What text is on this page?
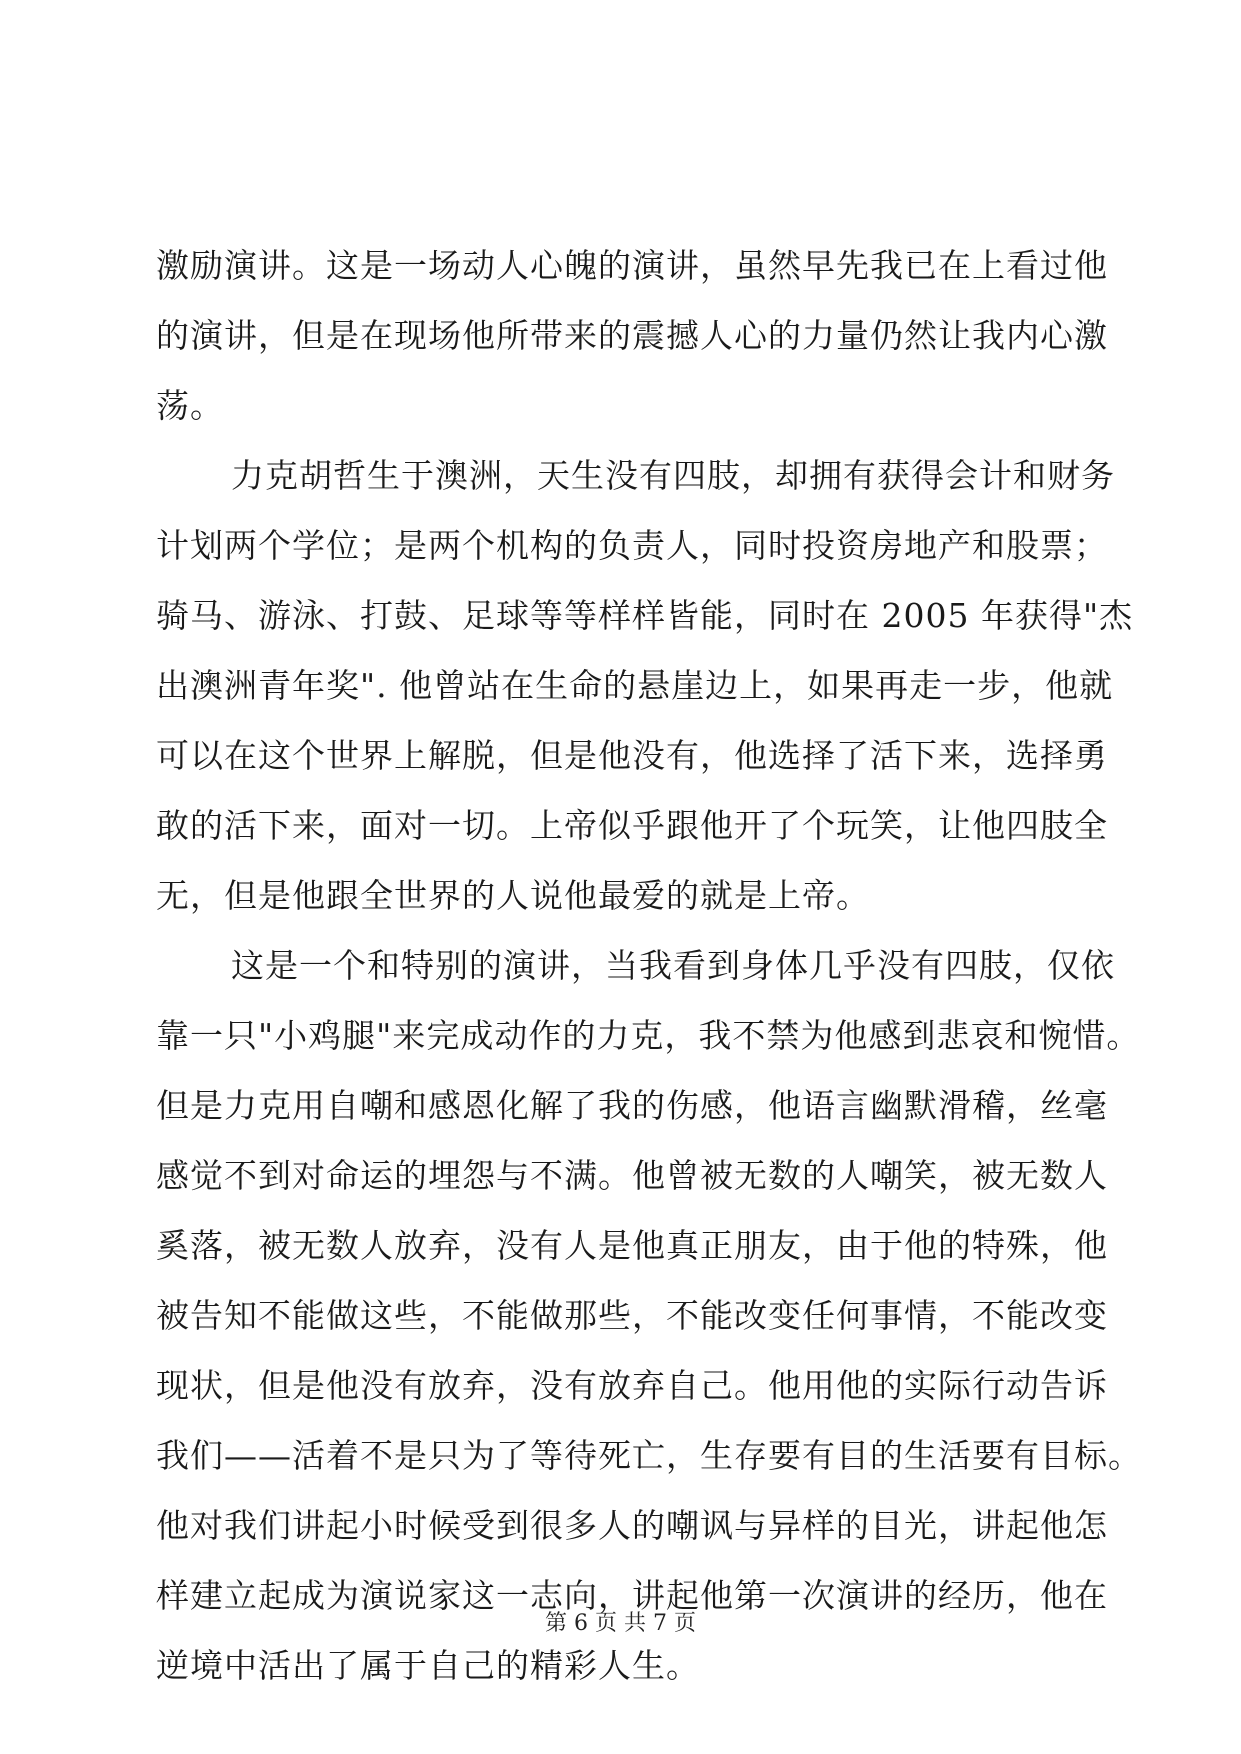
激励演讲。这是一场动人心魄的演讲，虽然早先我已在上看过他
的演讲，但是在现场他所带来的震撼人心的力量仍然让我内心激
荡。
力克胡哲生于澳洲，天生没有四肢，却拥有获得会计和财务
计划两个学位；是两个机构的负责人，同时投资房地产和股票；
骑马、游泳、打鼓、足球等等样样皆能，同时在 2005 年获得"杰
出澳洲青年奖". 他曾站在生命的悬崖边上，如果再走一步，他就
可以在这个世界上解脱，但是他没有，他选择了活下来，选择勇
敢的活下来，面对一切。上帝似乎跟他开了个玩笑，让他四肢全
无，但是他跟全世界的人说他最爱的就是上帝。
这是一个和特别的演讲，当我看到身体几乎没有四肢，仅依
靠一只"小鸡腿"来完成动作的力克，我不禁为他感到悲哀和惋惜。
但是力克用自嘲和感恩化解了我的伤感，他语言幽默滑稽，丝毫
感觉不到对命运的埋怨与不满。他曾被无数的人嘲笑，被无数人
奚落，被无数人放弃，没有人是他真正朋友，由于他的特殊，他
被告知不能做这些，不能做那些，不能改变任何事情，不能改变
现状，但是他没有放弃，没有放弃自己。他用他的实际行动告诉
我们——活着不是只为了等待死亡，生存要有目的生活要有目标。
他对我们讲起小时候受到很多人的嘲讽与异样的目光，讲起他怎
样建立起成为演说家这一志向，讲起他第一次演讲的经历，他在
逆境中活出了属于自己的精彩人生。
第 6 页 共 7 页
